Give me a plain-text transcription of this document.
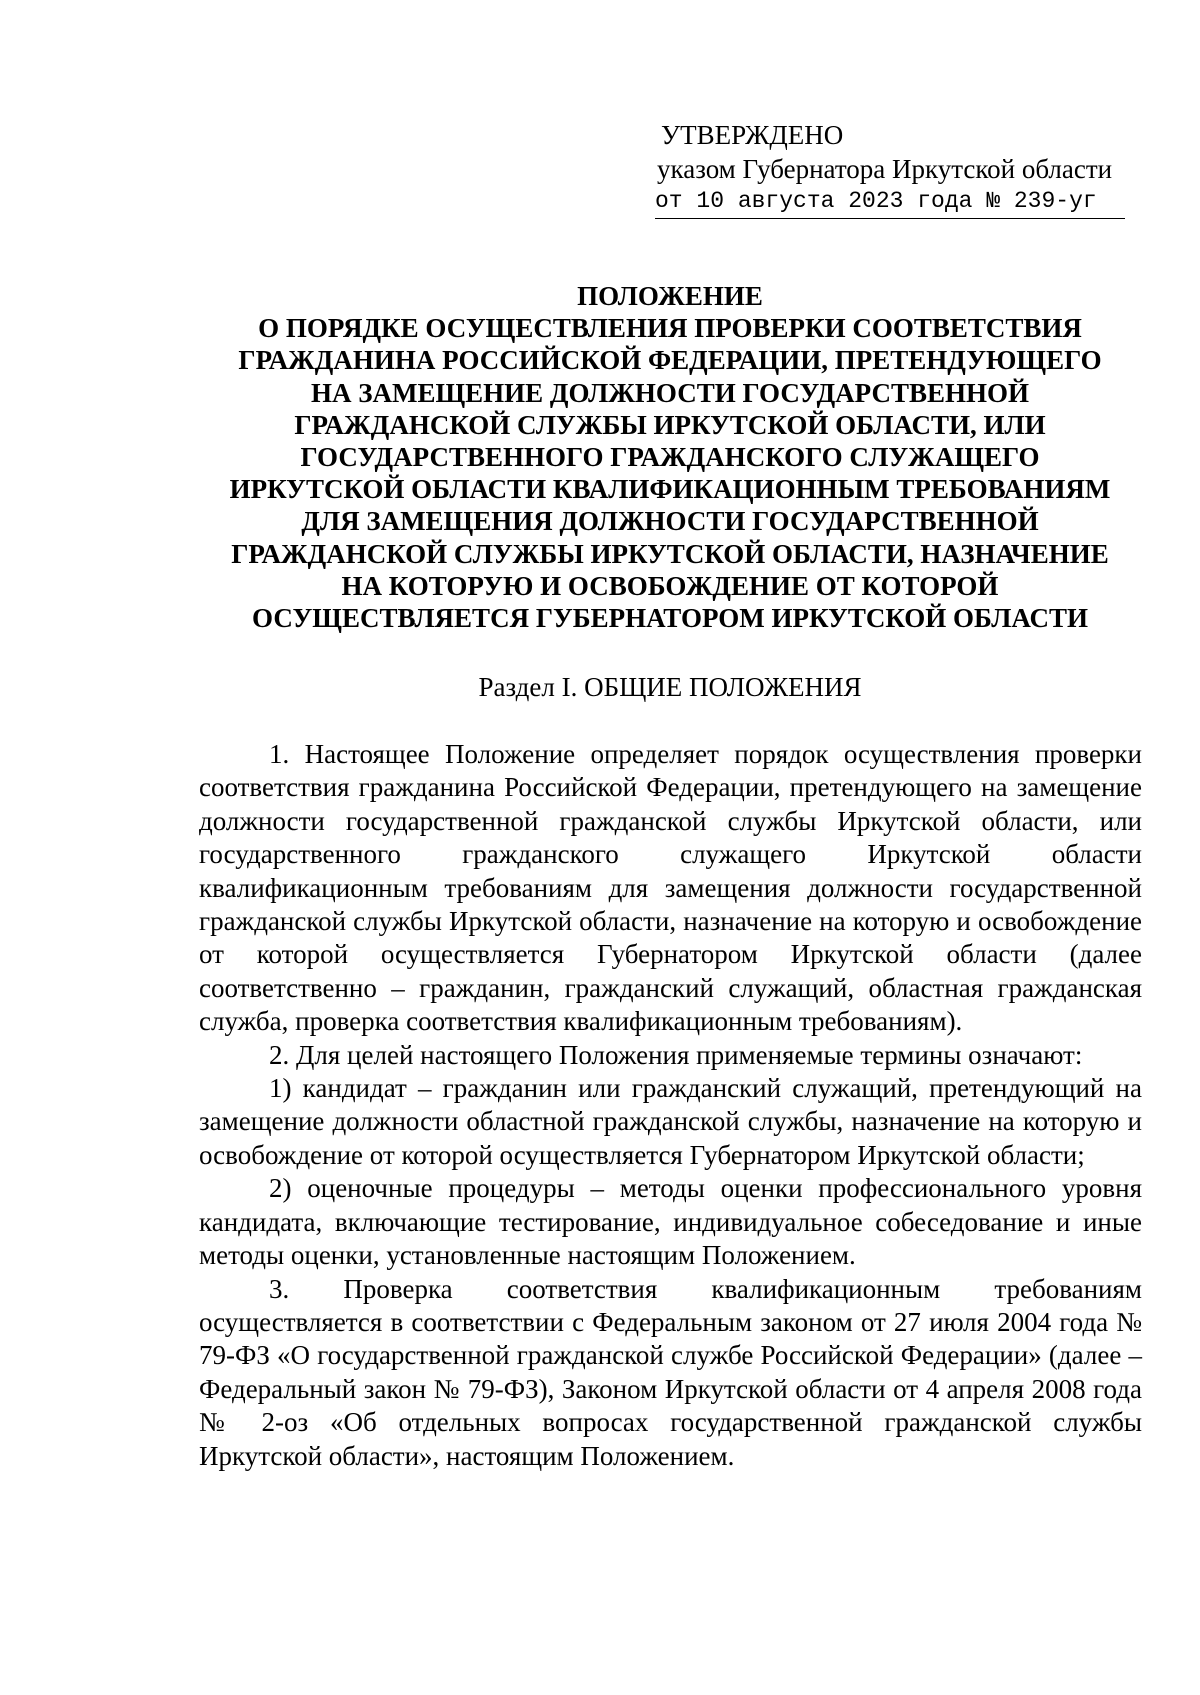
УТВЕРЖДЕНО
указом Губернатора Иркутской области
от 10 августа 2023 года № 239-уг
ПОЛОЖЕНИЕ
О ПОРЯДКЕ ОСУЩЕСТВЛЕНИЯ ПРОВЕРКИ СООТВЕТСТВИЯ
ГРАЖДАНИНА РОССИЙСКОЙ ФЕДЕРАЦИИ, ПРЕТЕНДУЮЩЕГО
НА ЗАМЕЩЕНИЕ ДОЛЖНОСТИ ГОСУДАРСТВЕННОЙ
ГРАЖДАНСКОЙ СЛУЖБЫ ИРКУТСКОЙ ОБЛАСТИ, ИЛИ
ГОСУДАРСТВЕННОГО ГРАЖДАНСКОГО СЛУЖАЩЕГО
ИРКУТСКОЙ ОБЛАСТИ КВАЛИФИКАЦИОННЫМ ТРЕБОВАНИЯМ
ДЛЯ ЗАМЕЩЕНИЯ ДОЛЖНОСТИ ГОСУДАРСТВЕННОЙ
ГРАЖДАНСКОЙ СЛУЖБЫ ИРКУТСКОЙ ОБЛАСТИ, НАЗНАЧЕНИЕ
НА КОТОРУЮ И ОСВОБОЖДЕНИЕ ОТ КОТОРОЙ
ОСУЩЕСТВЛЯЕТСЯ ГУБЕРНАТОРОМ ИРКУТСКОЙ ОБЛАСТИ
Раздел I. ОБЩИЕ ПОЛОЖЕНИЯ

1. Настоящее Положение определяет порядок осуществления проверки соответствия гражданина Российской Федерации, претендующего на замещение должности государственной гражданской службы Иркутской области, или государственного гражданского служащего Иркутской области квалификационным требованиям для замещения должности государственной гражданской службы Иркутской области, назначение на которую и освобождение от которой осуществляется Губернатором Иркутской области (далее соответственно – гражданин, гражданский служащий, областная гражданская служба, проверка соответствия квалификационным требованиям).

2. Для целей настоящего Положения применяемые термины означают:

1) кандидат – гражданин или гражданский служащий, претендующий на замещение должности областной гражданской службы, назначение на которую и освобождение от которой осуществляется Губернатором Иркутской области;

2) оценочные процедуры – методы оценки профессионального уровня кандидата, включающие тестирование, индивидуальное собеседование и иные методы оценки, установленные настоящим Положением.

3. Проверка соответствия квалификационным требованиям осуществляется в соответствии с Федеральным законом от 27 июля 2004 года № 79-ФЗ «О государственной гражданской службе Российской Федерации» (далее – Федеральный закон № 79-ФЗ), Законом Иркутской области от 4 апреля 2008 года № 2-оз «Об отдельных вопросах государственной гражданской службы Иркутской области», настоящим Положением.
